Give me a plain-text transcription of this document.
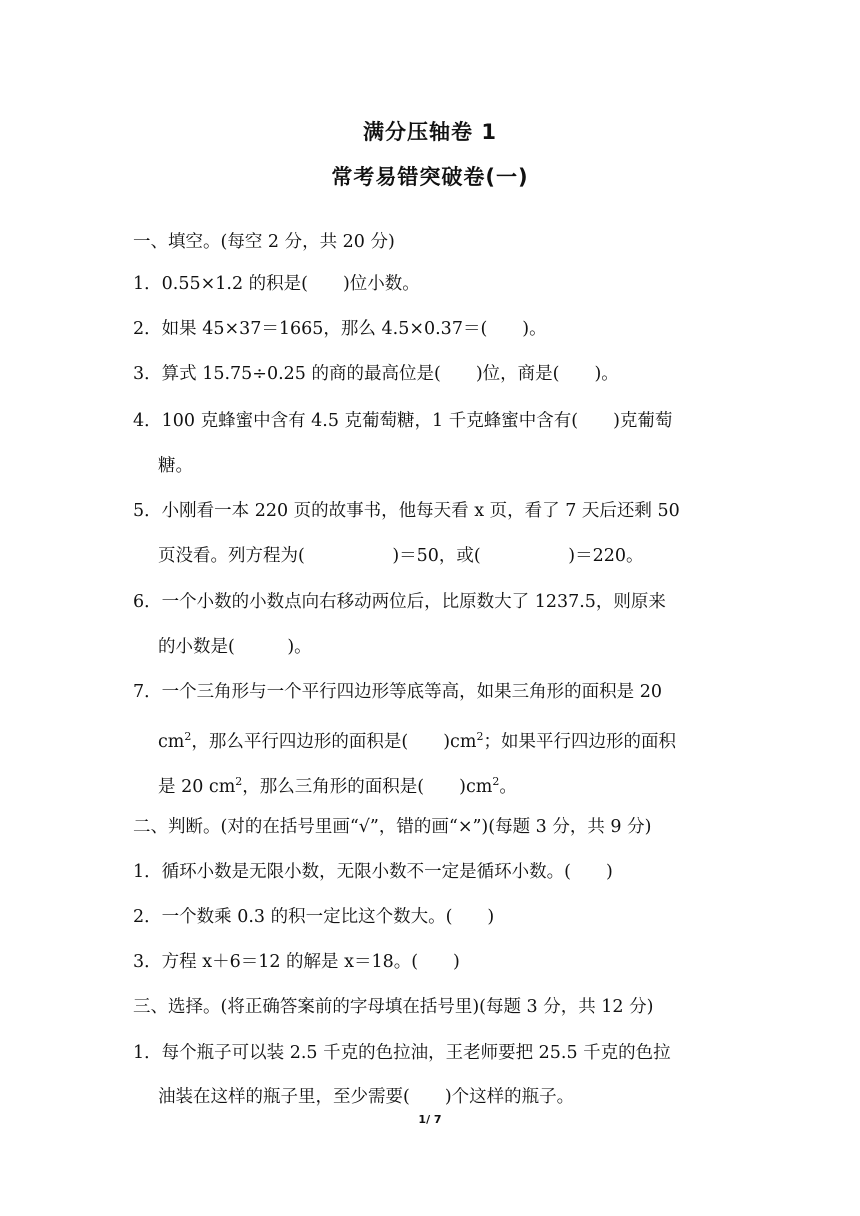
满分压轴卷 1
常考易错突破卷(一)
一、填空。(每空 2 分，共 20 分)
1．0.55×1.2 的积是(　　)位小数。
2．如果 45×37＝1665，那么 4.5×0.37＝(　　)。
3．算式 15.75÷0.25 的商的最高位是(　　)位，商是(　　)。
4．100 克蜂蜜中含有 4.5 克葡萄糖，1 千克蜂蜜中含有(　　)克葡萄
糖。
5．小刚看一本 220 页的故事书，他每天看 x 页，看了 7 天后还剩 50
页没看。列方程为(　　　　　)＝50，或(　　　　　)＝220。
6．一个小数的小数点向右移动两位后，比原数大了 1237.5，则原来
的小数是(　　　)。
7．一个三角形与一个平行四边形等底等高，如果三角形的面积是 20
$cm^2$，那么平行四边形的面积是(　　)$cm^2$；如果平行四边形的面积
是 20 $cm^2$，那么三角形的面积是(　　)$cm^2$。
二、判断。(对的在括号里画“√”，错的画“×”)(每题 3 分，共 9 分)
1．循环小数是无限小数，无限小数不一定是循环小数。(　　)
2．一个数乘 0.3 的积一定比这个数大。(　　)
3．方程 x＋6＝12 的解是 x＝18。(　　)
三、选择。(将正确答案前的字母填在括号里)(每题 3 分，共 12 分)
1．每个瓶子可以装 2.5 千克的色拉油，王老师要把 25.5 千克的色拉
油装在这样的瓶子里，至少需要(　　)个这样的瓶子。
1/ 7
